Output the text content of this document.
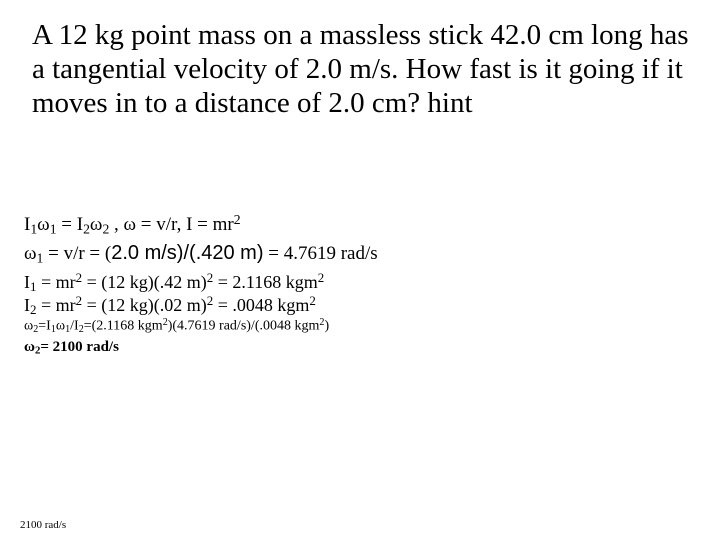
A 12 kg point mass on a massless stick 42.0 cm long has a tangential velocity of 2.0 m/s. How fast is it going if it moves in to a distance of 2.0 cm? hint

$I_1\omega_1 = I_2\omega_2$ , ω = v/r, $I = mr^2$
$\omega_1 = v/r = (2.0$ m/s)/(.420 m) = 4.7619 rad/s
$I_1 = mr^2 = (12$ kg)(.42 m)$^2$ = 2.1168 kgm$^2$
$I_2 = mr^2 = (12$ kg)(.02 m)$^2$ = .0048 kgm$^2$
$\omega_2=I_1\omega_1/I_2=(2.1168$ kgm$^2$)(4.7619 rad/s)/(.0048 kgm$^2$)
$\omega_2= 2100$ rad/s
2100 rad/s
